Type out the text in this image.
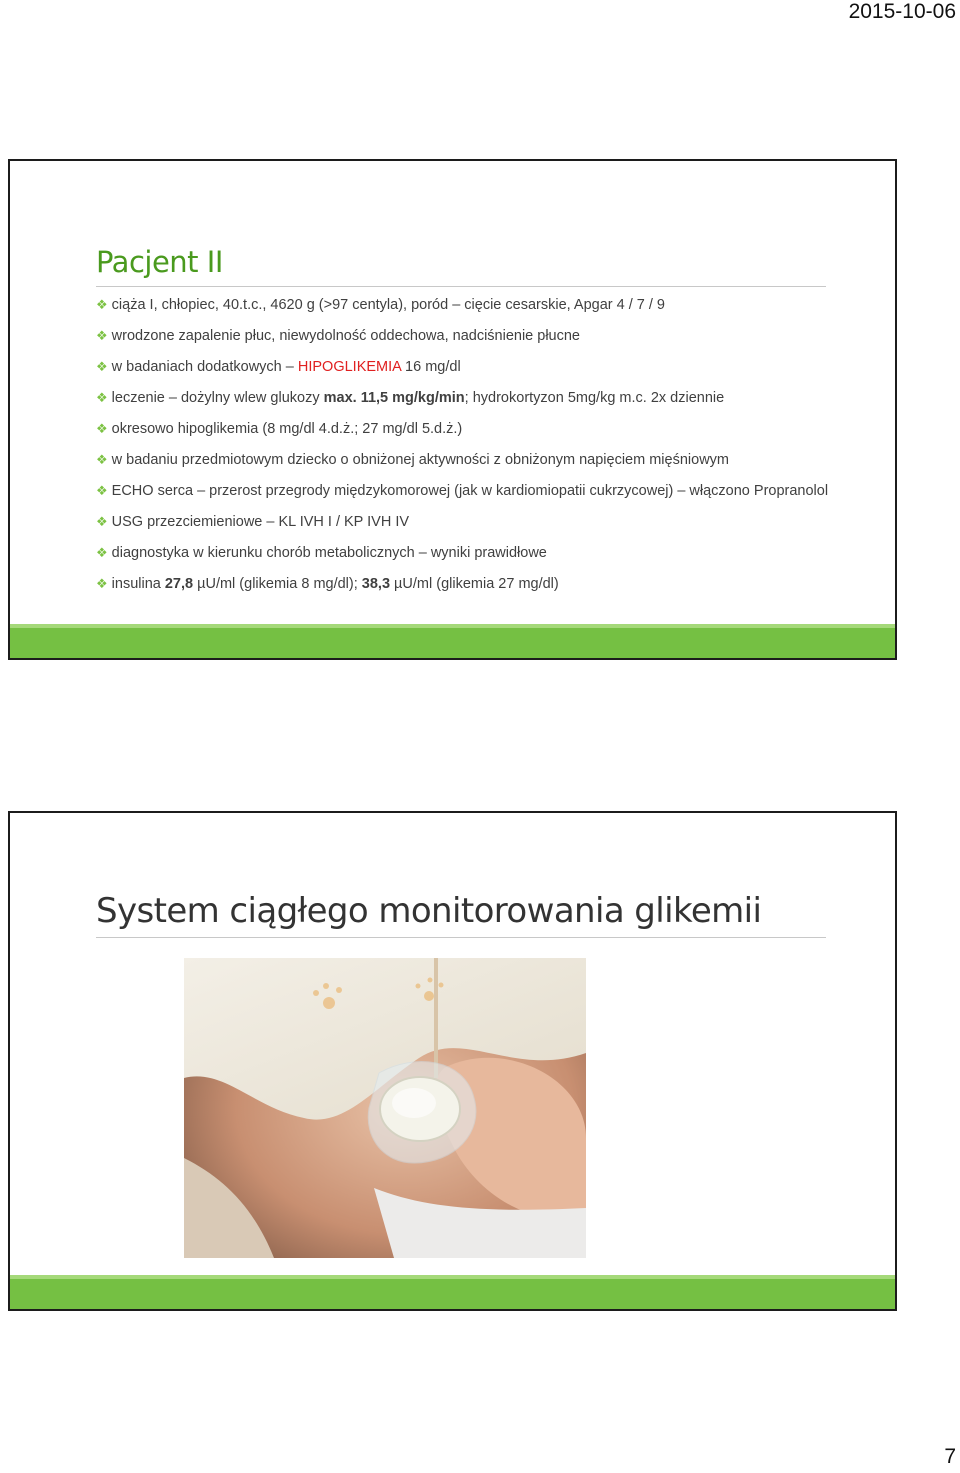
2015-10-06
Pacjent II
❖ ciąża I, chłopiec, 40.t.c., 4620 g (>97 centyla), poród – cięcie cesarskie, Apgar 4 / 7 / 9
❖ wrodzone zapalenie płuc, niewydolność oddechowa, nadciśnienie płucne
❖ w badaniach dodatkowych – HIPOGLIKEMIA 16 mg/dl
❖ leczenie – dożylny wlew glukozy max. 11,5 mg/kg/min; hydrokortyzon 5mg/kg m.c. 2x dziennie
❖ okresowo hipoglikemia (8 mg/dl 4.d.ż.; 27 mg/dl 5.d.ż.)
❖ w badaniu przedmiotowym dziecko o obniżonej aktywności z obniżonym napięciem mięśniowym
❖ ECHO serca – przerost przegrody międzykomorowej (jak w kardiomiopatii cukrzycowej) – włączono Propranolol
❖ USG przezciemieniowe – KL IVH I / KP IVH IV
❖ diagnostyka w kierunku chorób metabolicznych – wyniki prawidłowe
❖ insulina 27,8 µU/ml (glikemia 8 mg/dl); 38,3 µU/ml (glikemia 27 mg/dl)
System ciągłego monitorowania glikemii
7
